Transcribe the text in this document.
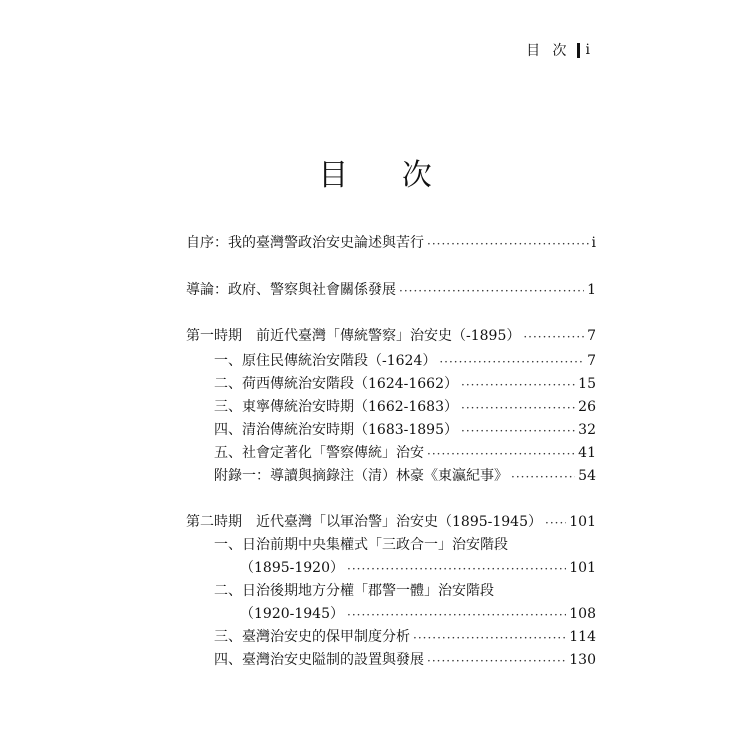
目 次 i
目 次
自序：我的臺灣警政治安史論述與苦行 ·····	i
導論：政府、警察與社會關係發展 ·····	1
第一時期　前近代臺灣「傳統警察」治安史（-1895） ·····	7
一、原住民傳統治安階段（-1624） ·····	7
二、荷西傳統治安階段（1624-1662） ·····	15
三、東寧傳統治安時期（1662-1683） ·····	26
四、清治傳統治安時期（1683-1895） ·····	32
五、社會定著化「警察傳統」治安 ·····	41
附錄一：導讀與摘錄注（清）林豪《東瀛紀事》 ·····	54
第二時期　近代臺灣「以軍治警」治安史（1895-1945） ····· 101
一、日治前期中央集權式「三政合一」治安階段
（1895-1920） ·····	101
二、日治後期地方分權「郡警一體」治安階段
（1920-1945） ·····	108
三、臺灣治安史的保甲制度分析 ·····	114
四、臺灣治安史隘制的設置與發展 ·····	130
